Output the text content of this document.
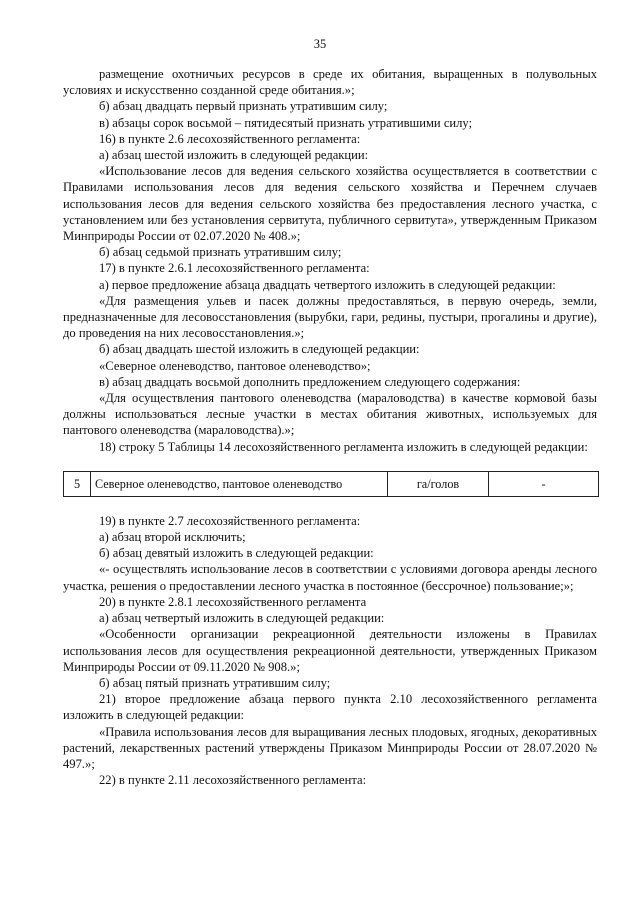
35

размещение охотничьих ресурсов в среде их обитания, выращенных в полувольных условиях и искусственно созданной среде обитания.»;

б) абзац двадцать первый признать утратившим силу;

в) абзацы сорок восьмой – пятидесятый признать утратившими силу;

16) в пункте 2.6 лесохозяйственного регламента:

а) абзац шестой изложить в следующей редакции:

«Использование лесов для ведения сельского хозяйства осуществляется в соответствии с Правилами использования лесов для ведения сельского хозяйства и Перечнем случаев использования лесов для ведения сельского хозяйства без предоставления лесного участка, с установлением или без установления сервитута, публичного сервитута», утвержденным Приказом Минприроды России от 02.07.2020 № 408.»;

б) абзац седьмой признать утратившим силу;

17) в пункте 2.6.1 лесохозяйственного регламента:

а) первое предложение абзаца двадцать четвертого изложить в следующей редакции:

«Для размещения ульев и пасек должны предоставляться, в первую очередь, земли, предназначенные для лесовосстановления (вырубки, гари, редины, пустыри, прогалины и другие), до проведения на них лесовосстановления.»;

б) абзац двадцать шестой изложить в следующей редакции:

«Северное оленеводство, пантовое оленеводство»;

в) абзац двадцать восьмой дополнить предложением следующего содержания:

«Для осуществления пантового оленеводства (мараловодства) в качестве кормовой базы должны использоваться лесные участки в местах обитания животных, используемых для пантового оленеводства (мараловодства).»;

18) строку 5 Таблицы 14 лесохозяйственного регламента изложить в следующей редакции:

5	Северное оленеводство, пантовое оленеводство	га/голов	-

19) в пункте 2.7 лесохозяйственного регламента:

а) абзац второй исключить;

б) абзац девятый изложить в следующей редакции:

«- осуществлять использование лесов в соответствии с условиями договора аренды лесного участка, решения о предоставлении лесного участка в постоянное (бессрочное) пользование;»;

20) в пункте 2.8.1 лесохозяйственного регламента

а) абзац четвертый изложить в следующей редакции:

«Особенности организации рекреационной деятельности изложены в Правилах использования лесов для осуществления рекреационной деятельности, утвержденных Приказом Минприроды России от 09.11.2020 № 908.»;

б) абзац пятый признать утратившим силу;

21) второе предложение абзаца первого пункта 2.10 лесохозяйственного регламента изложить в следующей редакции:

«Правила использования лесов для выращивания лесных плодовых, ягодных, декоративных растений, лекарственных растений утверждены Приказом Минприроды России от 28.07.2020 № 497.»;

22) в пункте 2.11 лесохозяйственного регламента:
